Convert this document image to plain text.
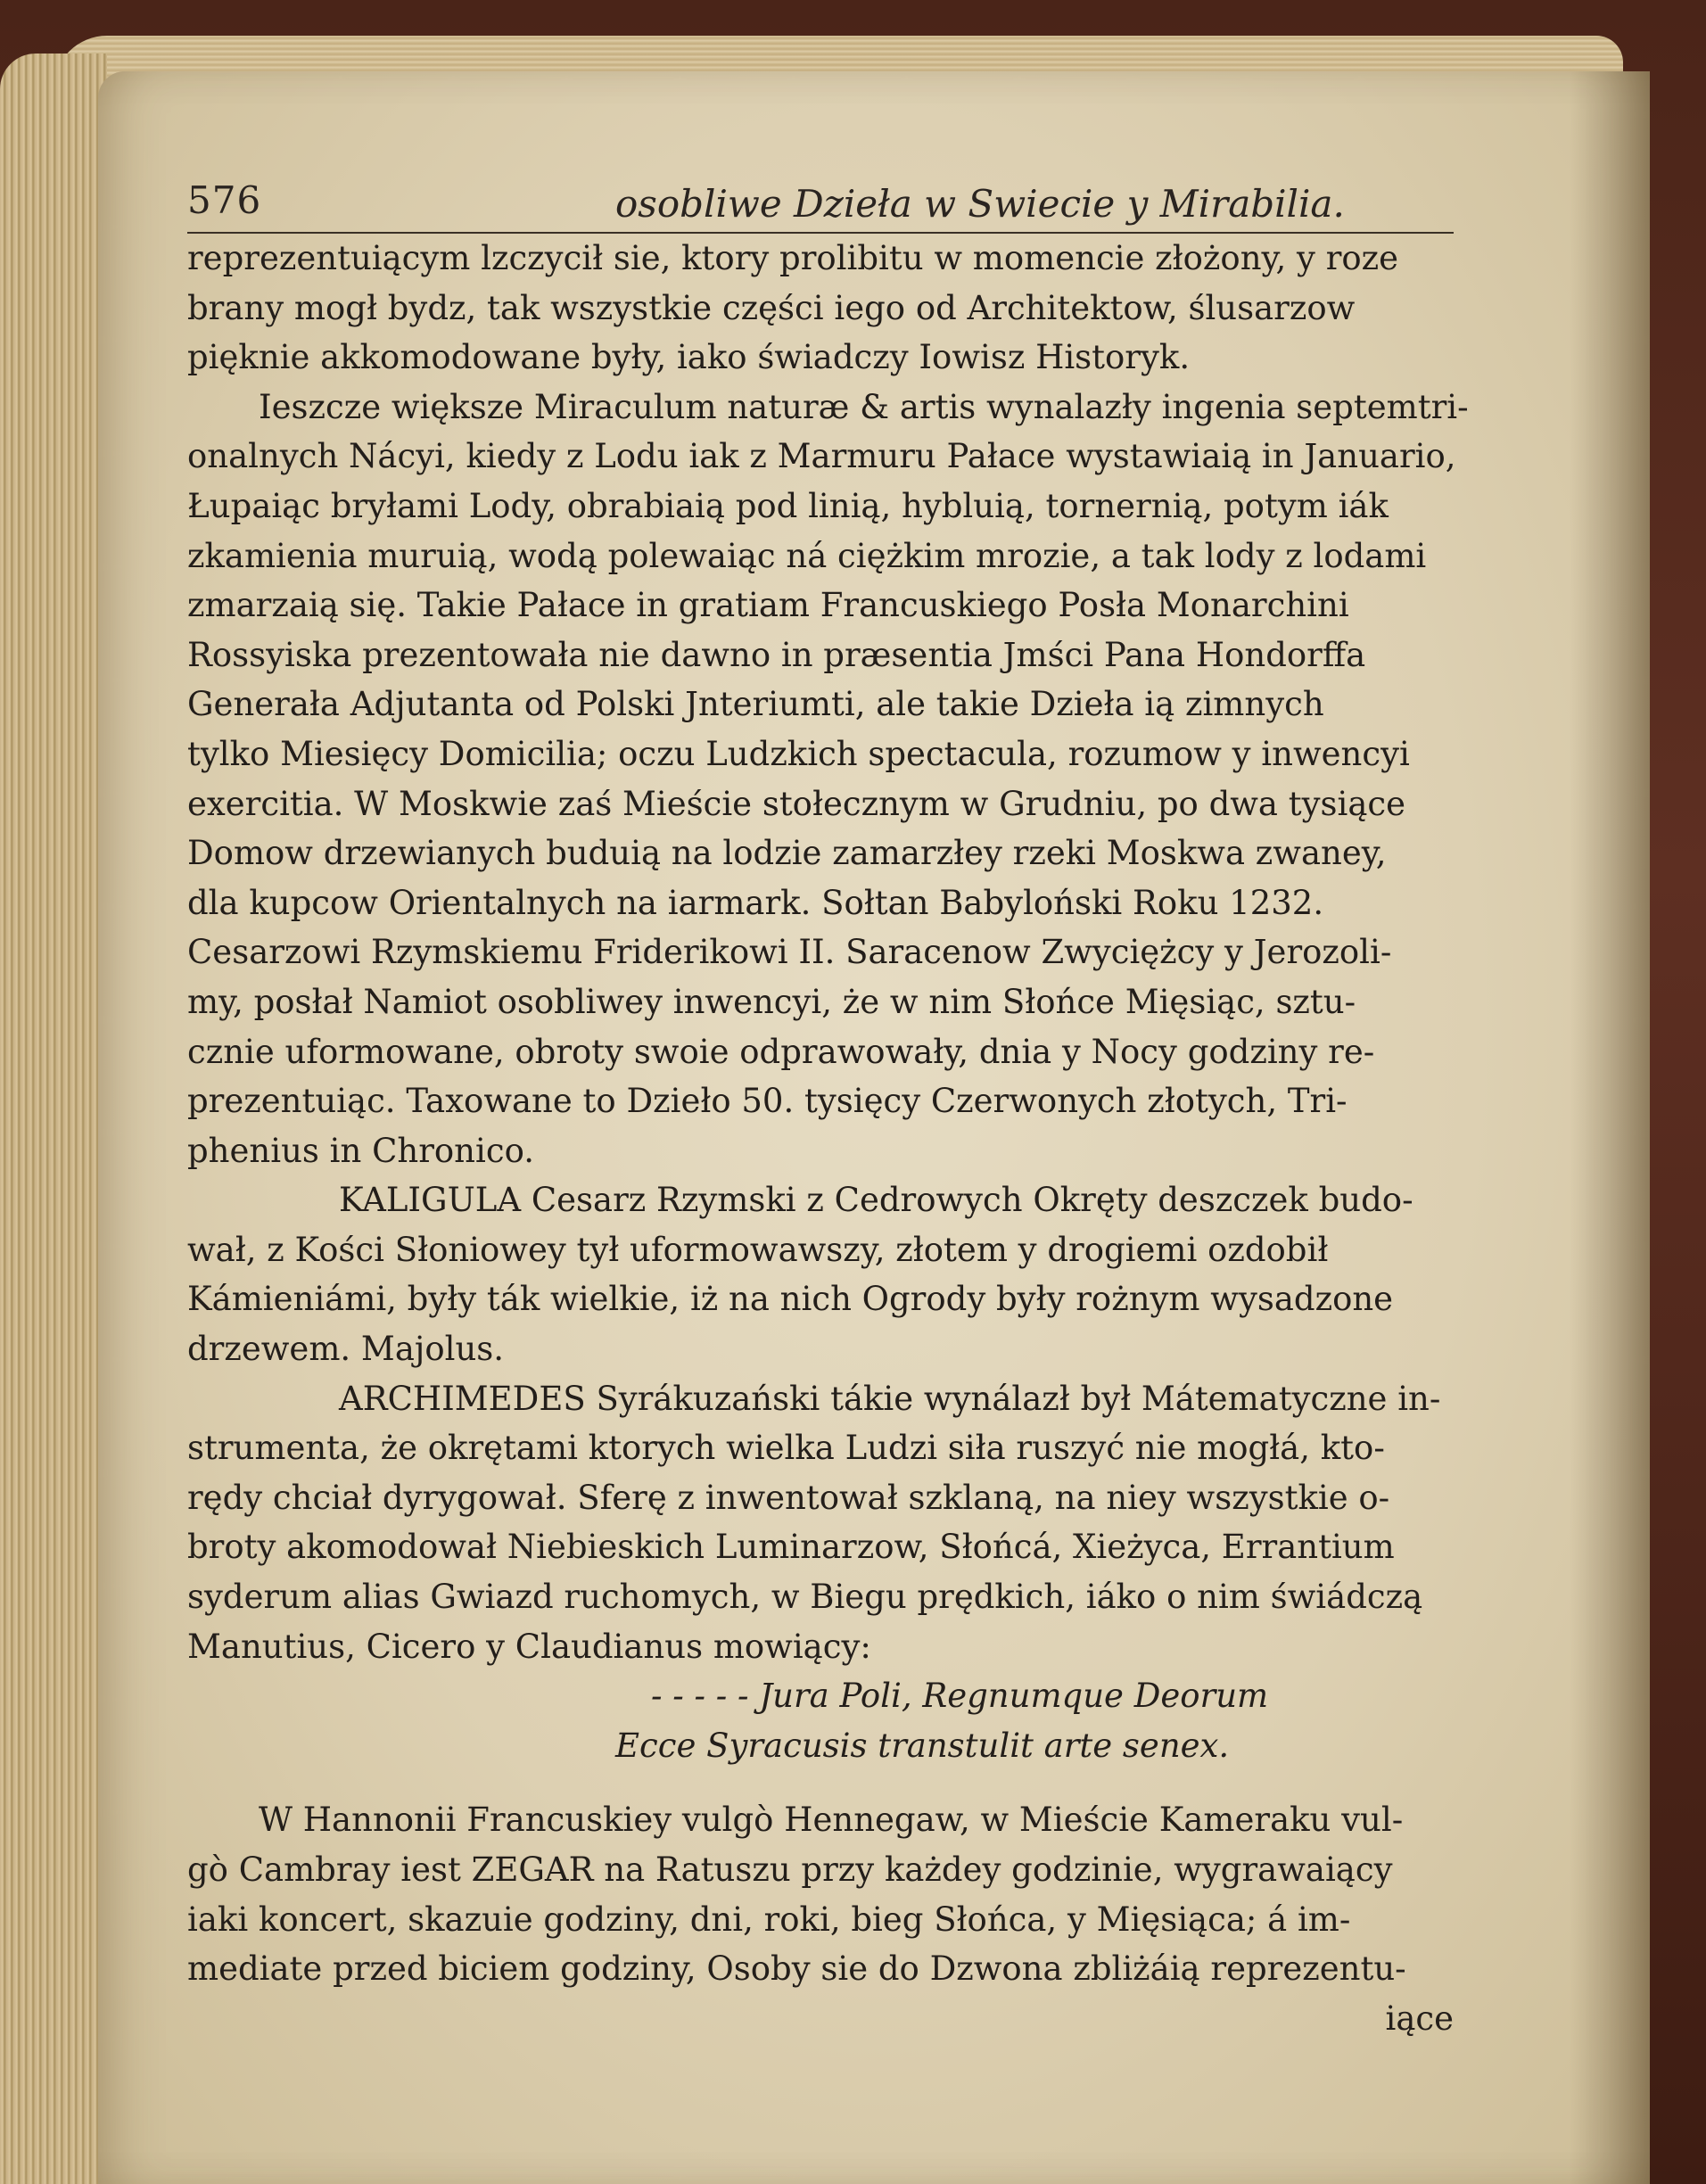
576	osobliwe Dzieła w Swiecie y Mirabilia.
reprezentuiącym lzczycił sie, ktory prolibitu w momencie złożony, y roze
brany mogł bydz, tak wszystkie części iego od Architektow, ślusarzow
pięknie akkomodowane były, iako świadczy Iowisz Historyk.
Ieszcze większe Miraculum naturæ & artis wynalazły ingenia septemtri-
onalnych Nácyi, kiedy z Lodu iak z Marmuru Pałace wystawiaią in Januario,
Łupaiąc bryłami Lody, obrabiaią pod linią, hybluią, tornernią, potym iák
zkamienia muruią, wodą polewaiąc ná ciężkim mrozie, a tak lody z lodami
zmarzaią się. Takie Pałace in gratiam Francuskiego Posła Monarchini
Rossyiska prezentowała nie dawno in præsentia Jmści Pana Hondorffa
Generała Adjutanta od Polski Jnteriumti, ale takie Dzieła ią zimnych
tylko Miesięcy Domicilia; oczu Ludzkich spectacula, rozumow y inwencyi
exercitia. W Moskwie zaś Mieście stołecznym w Grudniu, po dwa tysiące
Domow drzewianych buduią na lodzie zamarzłey rzeki Moskwa zwaney,
dla kupcow Orientalnych na iarmark. Sołtan Babyloński Roku 1232.
Cesarzowi Rzymskiemu Friderikowi II. Saracenow Zwyciężcy y Jerozoli-
my, posłał Namiot osobliwey inwencyi, że w nim Słońce Mięsiąc, sztu-
cznie uformowane, obroty swoie odprawowały, dnia y Nocy godziny re-
prezentuiąc. Taxowane to Dzieło 50. tysięcy Czerwonych złotych, Tri-
phenius in Chronico.
KALIGULA Cesarz Rzymski z Cedrowych Okręty deszczek budo-
wał, z Kości Słoniowey tył uformowawszy, złotem y drogiemi ozdobił
Kámieniámi, były ták wielkie, iż na nich Ogrody były rożnym wysadzone
drzewem. Majolus.
ARCHIMEDES Syrákuzański tákie wynálazł był Mátematyczne in-
strumenta, że okrętami ktorych wielka Ludzi siła ruszyć nie mogłá, kto-
rędy chciał dyrygował. Sferę z inwentował szklaną, na niey wszystkie o-
broty akomodował Niebieskich Luminarzow, Słońcá, Xieżyca, Errantium
syderum alias Gwiazd ruchomych, w Biegu prędkich, iáko o nim świádczą
Manutius, Cicero y Claudianus mowiący:
- - - - - Jura Poli, Regnumque Deorum
Ecce Syracusis transtulit arte senex.
W Hannonii Francuskiey vulgò Hennegaw, w Mieście Kameraku vul-
gò Cambray iest ZEGAR na Ratuszu przy każdey godzinie, wygrawaiący
iaki koncert, skazuie godziny, dni, roki, bieg Słońca, y Mięsiąca; á im-
mediate przed biciem godziny, Osoby sie do Dzwona zbliżáią reprezentu-
iące
